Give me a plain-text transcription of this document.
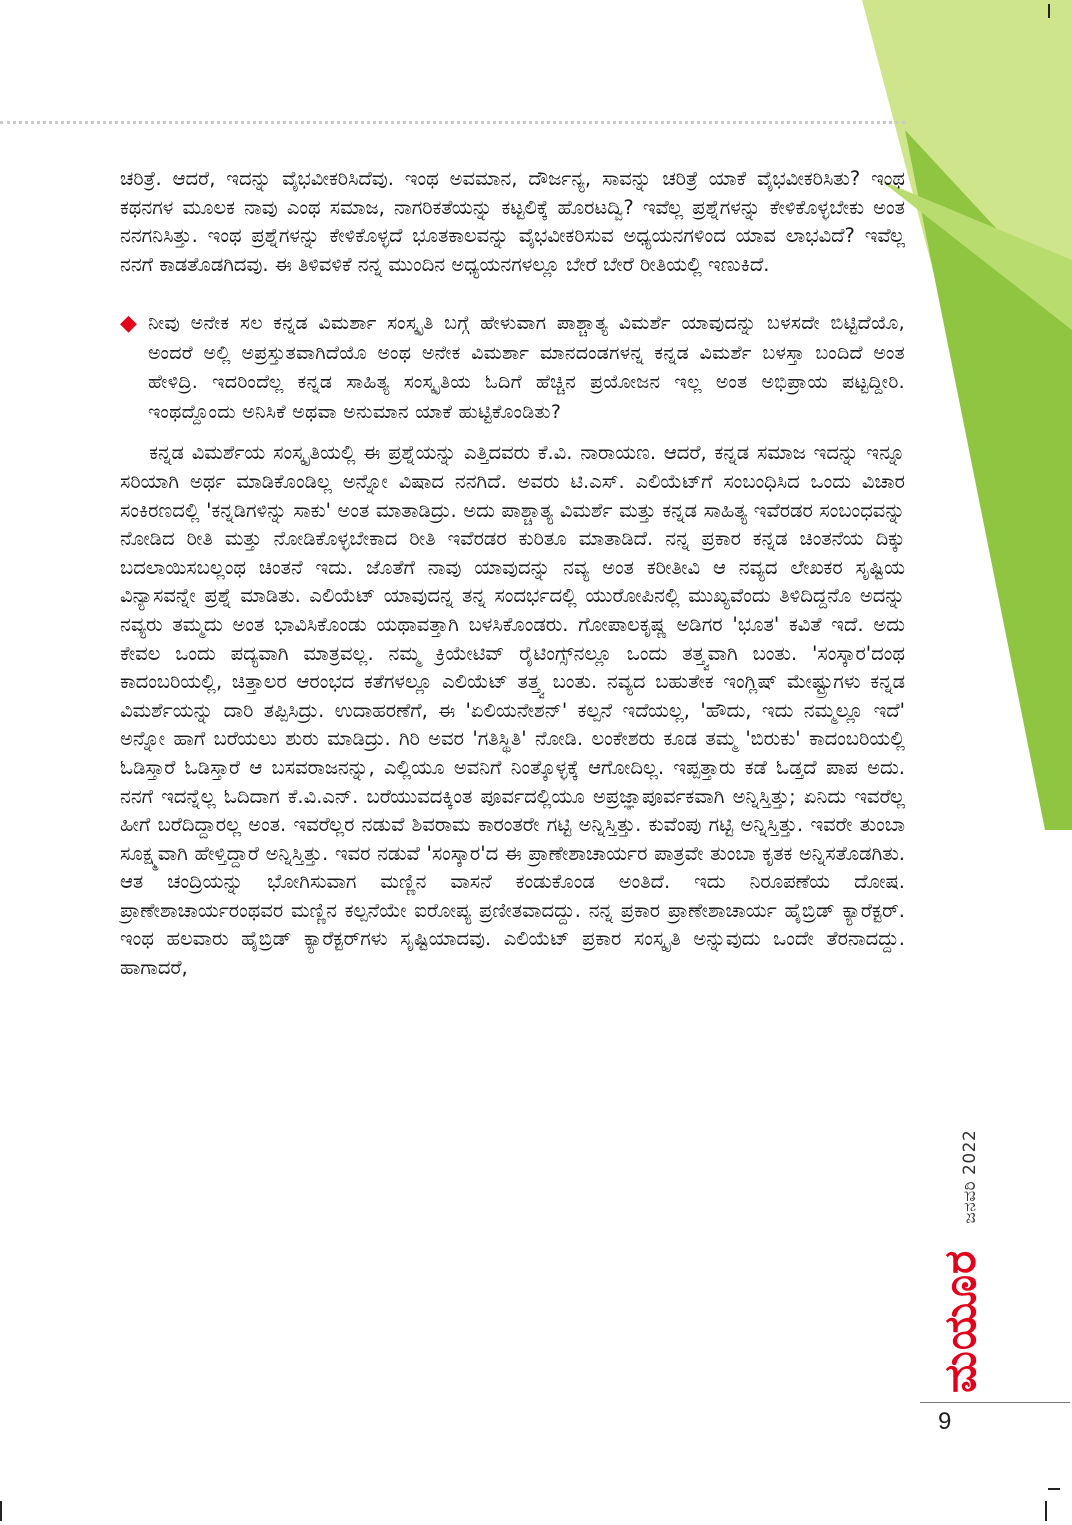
ಚರಿತ್ರೆ. ಆದರೆ, ಇದನ್ನು ವೈಭವೀಕರಿಸಿದೆವು. ಇಂಥ ಅವಮಾನ, ದೌರ್ಜನ್ಯ, ಸಾವನ್ನು ಚರಿತ್ರೆ ಯಾಕೆ ವೈಭವೀಕರಿಸಿತು? ಇಂಥ ಕಥನಗಳ ಮೂಲಕ ನಾವು ಎಂಥ ಸಮಾಜ, ನಾಗರಿಕತೆಯನ್ನು ಕಟ್ಟಲಿಕ್ಕೆ ಹೊರಟದ್ವಿ? ಇವೆಲ್ಲ ಪ್ರಶ್ನೆಗಳನ್ನು ಕೇಳಿಕೊಳ್ಳಬೇಕು ಅಂತ ನನಗನಿಸಿತ್ತು. ಇಂಥ ಪ್ರಶ್ನೆಗಳನ್ನು ಕೇಳಿಕೊಳ್ಳದೆ ಭೂತಕಾಲವನ್ನು ವೈಭವೀಕರಿಸುವ ಅಧ್ಯಯನಗಳಿಂದ ಯಾವ ಲಾಭವಿದೆ? ಇವೆಲ್ಲ ನನಗೆ ಕಾಡತೊಡಗಿದವು. ಈ ತಿಳಿವಳಿಕೆ ನನ್ನ ಮುಂದಿನ ಅಧ್ಯಯನಗಳಲ್ಲೂ ಬೇರೆ ಬೇರೆ ರೀತಿಯಲ್ಲಿ ಇಣುಕಿದೆ.

◆ ನೀವು ಅನೇಕ ಸಲ ಕನ್ನಡ ವಿಮರ್ಶಾ ಸಂಸ್ಕೃತಿ ಬಗ್ಗೆ ಹೇಳುವಾಗ ಪಾಶ್ಚಾತ್ಯ ವಿಮರ್ಶೆ ಯಾವುದನ್ನು ಬಳಸದೇ ಬಿಟ್ಟಿದೆಯೊ, ಅಂದರೆ ಅಲ್ಲಿ ಅಪ್ರಸ್ತುತವಾಗಿದೆಯೊ ಅಂಥ ಅನೇಕ ವಿಮರ್ಶಾ ಮಾನದಂಡಗಳನ್ನ ಕನ್ನಡ ವಿಮರ್ಶೆ ಬಳಸ್ತಾ ಬಂದಿದೆ ಅಂತ ಹೇಳಿದ್ರಿ. ಇದರಿಂದೆಲ್ಲ ಕನ್ನಡ ಸಾಹಿತ್ಯ ಸಂಸ್ಕೃತಿಯ ಓದಿಗೆ ಹೆಚ್ಚಿನ ಪ್ರಯೋಜನ ಇಲ್ಲ ಅಂತ ಅಭಿಪ್ರಾಯ ಪಟ್ಟದ್ದೀರಿ. ಇಂಥದ್ದೊಂದು ಅನಿಸಿಕೆ ಅಥವಾ ಅನುಮಾನ ಯಾಕೆ ಹುಟ್ಟಿಕೊಂಡಿತು?

ಕನ್ನಡ ವಿಮರ್ಶೆಯ ಸಂಸ್ಕೃತಿಯಲ್ಲಿ ಈ ಪ್ರಶ್ನೆಯನ್ನು ಎತ್ತಿದವರು ಕೆ.ವಿ. ನಾರಾಯಣ. ಆದರೆ, ಕನ್ನಡ ಸಮಾಜ ಇದನ್ನು ಇನ್ನೂ ಸರಿಯಾಗಿ ಅರ್ಥ ಮಾಡಿಕೊಂಡಿಲ್ಲ ಅನ್ನೋ ವಿಷಾದ ನನಗಿದೆ. ಅವರು ಟಿ.ಎಸ್. ಎಲಿಯೆಟ್‌ಗೆ ಸಂಬಂಧಿಸಿದ ಒಂದು ವಿಚಾರ ಸಂಕಿರಣದಲ್ಲಿ 'ಕನ್ನಡಿಗಳಿನ್ನು ಸಾಕು' ಅಂತ ಮಾತಾಡಿದ್ರು. ಅದು ಪಾಶ್ಚಾತ್ಯ ವಿಮರ್ಶೆ ಮತ್ತು ಕನ್ನಡ ಸಾಹಿತ್ಯ ಇವೆರಡರ ಸಂಬಂಧವನ್ನು ನೋಡಿದ ರೀತಿ ಮತ್ತು ನೋಡಿಕೊಳ್ಳಬೇಕಾದ ರೀತಿ ಇವೆರಡರ ಕುರಿತೂ ಮಾತಾಡಿದೆ. ನನ್ನ ಪ್ರಕಾರ ಕನ್ನಡ ಚಿಂತನೆಯ ದಿಕ್ಕು ಬದಲಾಯಿಸಬಲ್ಲಂಥ ಚಿಂತನೆ ಇದು. ಜೊತೆಗೆ ನಾವು ಯಾವುದನ್ನು ನವ್ಯ ಅಂತ ಕರೀತೀವಿ ಆ ನವ್ಯದ ಲೇಖಕರ ಸೃಷ್ಟಿಯ ವಿನ್ಯಾಸವನ್ನೇ ಪ್ರಶ್ನೆ ಮಾಡಿತು. ಎಲಿಯೆಟ್ ಯಾವುದನ್ನ ತನ್ನ ಸಂದರ್ಭದಲ್ಲಿ ಯುರೋಪಿನಲ್ಲಿ ಮುಖ್ಯವೆಂದು ತಿಳಿದಿದ್ದನೊ ಅದನ್ನು ನವ್ಯರು ತಮ್ಮದು ಅಂತ ಭಾವಿಸಿಕೊಂಡು ಯಥಾವತ್ತಾಗಿ ಬಳಸಿಕೊಂಡರು. ಗೋಪಾಲಕೃಷ್ಣ ಅಡಿಗರ 'ಭೂತ' ಕವಿತೆ ಇದೆ. ಅದು ಕೇವಲ ಒಂದು ಪದ್ಯವಾಗಿ ಮಾತ್ರವಲ್ಲ. ನಮ್ಮ ಕ್ರಿಯೇಟಿವ್ ರೈಟಿಂಗ್ಸ್‌ನಲ್ಲೂ ಒಂದು ತತ್ತ್ವವಾಗಿ ಬಂತು. 'ಸಂಸ್ಕಾರ'ದಂಥ ಕಾದಂಬರಿಯಲ್ಲಿ, ಚಿತ್ತಾಲರ ಆರಂಭದ ಕತೆಗಳಲ್ಲೂ ಎಲಿಯೆಟ್ ತತ್ತ್ವ ಬಂತು. ನವ್ಯದ ಬಹುತೇಕ ಇಂಗ್ಲಿಷ್ ಮೇಷ್ಟ್ರುಗಳು ಕನ್ನಡ ವಿಮರ್ಶೆಯನ್ನು ದಾರಿ ತಪ್ಪಿಸಿದ್ರು. ಉದಾಹರಣೆಗೆ, ಈ 'ಏಲಿಯನೇಶನ್' ಕಲ್ಪನೆ ಇದೆಯಲ್ಲ, 'ಹೌದು, ಇದು ನಮ್ಮಲ್ಲೂ ಇದೆ' ಅನ್ನೋ ಹಾಗೆ ಬರೆಯಲು ಶುರು ಮಾಡಿದ್ರು. ಗಿರಿ ಅವರ 'ಗತಿಸ್ಥಿತಿ' ನೋಡಿ. ಲಂಕೇಶರು ಕೂಡ ತಮ್ಮ 'ಬಿರುಕು' ಕಾದಂಬರಿಯಲ್ಲಿ ಓಡಿಸ್ತಾರೆ ಓಡಿಸ್ತಾರೆ ಆ ಬಸವರಾಜನನ್ನು, ಎಲ್ಲಿಯೂ ಅವನಿಗೆ ನಿಂತ್ಕೊಳ್ಳಕ್ಕೆ ಆಗೋದಿಲ್ಲ. ಇಪ್ಪತ್ತಾರು ಕಡೆ ಓಡ್ತದೆ ಪಾಪ ಅದು. ನನಗೆ ಇದನ್ನೆಲ್ಲ ಓದಿದಾಗ ಕೆ.ವಿ.ಎನ್. ಬರೆಯುವದಕ್ಕಿಂತ ಪೂರ್ವದಲ್ಲಿಯೂ ಅಪ್ರಜ್ಞಾಪೂರ್ವಕವಾಗಿ ಅನ್ನಿಸ್ತಿತ್ತು; ಏನಿದು ಇವರೆಲ್ಲ ಹೀಗೆ ಬರೆದಿದ್ದಾರಲ್ಲ ಅಂತ. ಇವರೆಲ್ಲರ ನಡುವೆ ಶಿವರಾಮ ಕಾರಂತರೇ ಗಟ್ಟಿ ಅನ್ನಿಸ್ತಿತ್ತು. ಕುವೆಂಪು ಗಟ್ಟಿ ಅನ್ನಿಸ್ತಿತ್ತು. ಇವರೇ ತುಂಬಾ ಸೂಕ್ಷ್ಮವಾಗಿ ಹೇಳ್ತಿದ್ದಾರೆ ಅನ್ನಿಸ್ತಿತ್ತು. ಇವರ ನಡುವೆ 'ಸಂಸ್ಕಾರ'ದ ಈ ಪ್ರಾಣೇಶಾಚಾರ್ಯರ ಪಾತ್ರವೇ ತುಂಬಾ ಕೃತಕ ಅನ್ನಿಸತೊಡಗಿತು. ಆತ ಚಂದ್ರಿಯನ್ನು ಭೋಗಿಸುವಾಗ ಮಣ್ಣಿನ ವಾಸನೆ ಕಂಡುಕೊಂಡ ಅಂತಿದೆ. ಇದು ನಿರೂಪಣೆಯ ದೋಷ. ಪ್ರಾಣೇಶಾಚಾರ್ಯರಂಥವರ ಮಣ್ಣಿನ ಕಲ್ಪನೆಯೇ ಐರೋಪ್ಯ ಪ್ರಣೀತವಾದದ್ದು. ನನ್ನ ಪ್ರಕಾರ ಪ್ರಾಣೇಶಾಚಾರ್ಯ ಹೈಬ್ರಿಡ್ ಕ್ಯಾರೆಕ್ಟರ್. ಇಂಥ ಹಲವಾರು ಹೈಬ್ರಿಡ್ ಕ್ಯಾರೆಕ್ಟರ್‌ಗಳು ಸೃಷ್ಟಿಯಾದವು. ಎಲಿಯೆಟ್ ಪ್ರಕಾರ ಸಂಸ್ಕೃತಿ ಅನ್ನುವುದು ಒಂದೇ ತೆರನಾದದ್ದು. ಹಾಗಾದರೆ,

ಮಯೂರ
ಜನವರಿ 2022
9
